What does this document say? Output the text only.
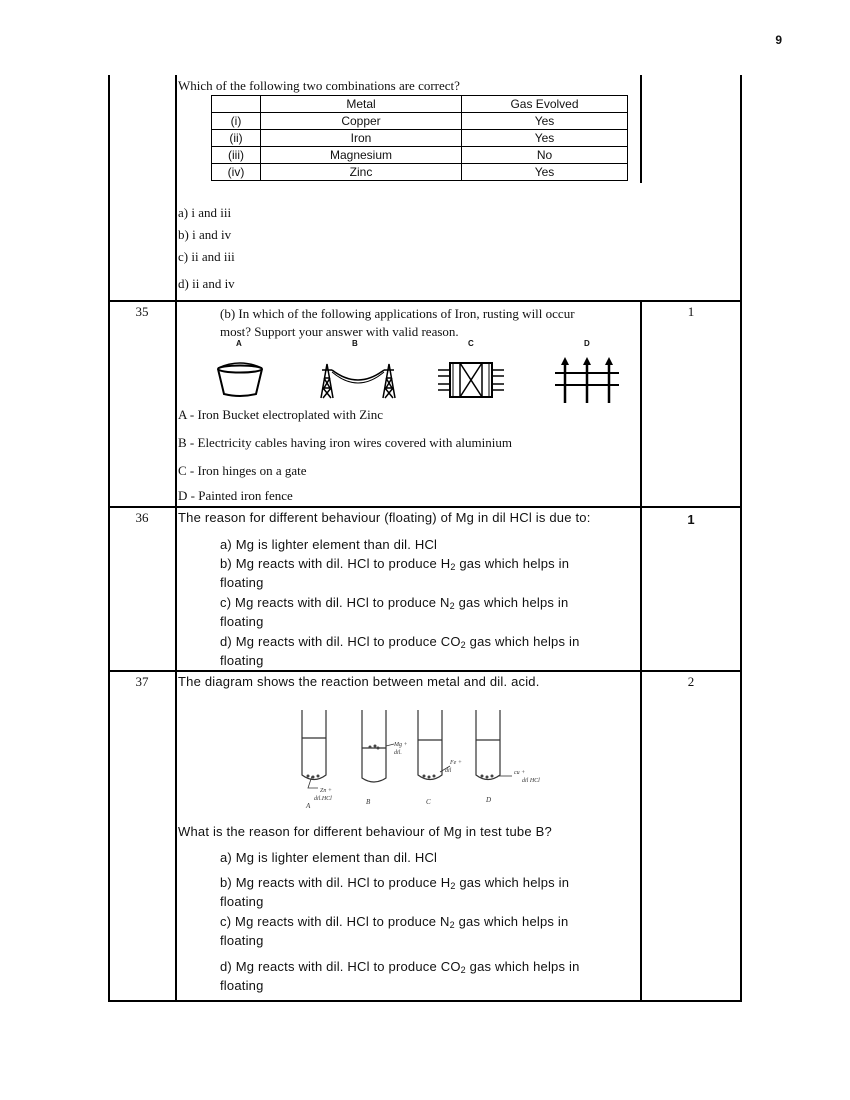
9
Which of the following two combinations are correct?
	Metal	Gas Evolved
(i)	Copper	Yes
(ii)	Iron	Yes
(iii)	Magnesium	No
(iv)	Zinc	Yes
a) i and iii
b) i and iv
c) ii and iii
d) ii and iv
35	1
(b) In which of the following applications of Iron, rusting will occur
most? Support your answer with valid reason.
A	B	C	D
A - Iron Bucket electroplated with Zinc
B - Electricity cables having iron wires covered with aluminium
C - Iron hinges on a gate
D - Painted iron fence
36	1
The reason for different behaviour (floating) of Mg in dil HCl is due to:
a) Mg is lighter element than dil. HCl
b) Mg reacts with dil. HCl to produce $H_2$ gas which helps in
floating
c) Mg reacts with dil. HCl to produce $N_2$ gas which helps in
floating
d) Mg reacts with dil. HCl to produce $CO_2$ gas which helps in
floating
37	2
The diagram shows the reaction between metal and dil. acid.
Zn +
dil.HCl
Mg +
dil.
Fe +
dil	cu +
dil HCl
A	B	C	D
What is the reason for different behaviour of Mg in test tube B?
a) Mg is lighter element than dil. HCl
b) Mg reacts with dil. HCl to produce $H_2$ gas which helps in
floating
c) Mg reacts with dil. HCl to produce $N_2$ gas which helps in
floating
d) Mg reacts with dil. HCl to produce $CO_2$ gas which helps in
floating
